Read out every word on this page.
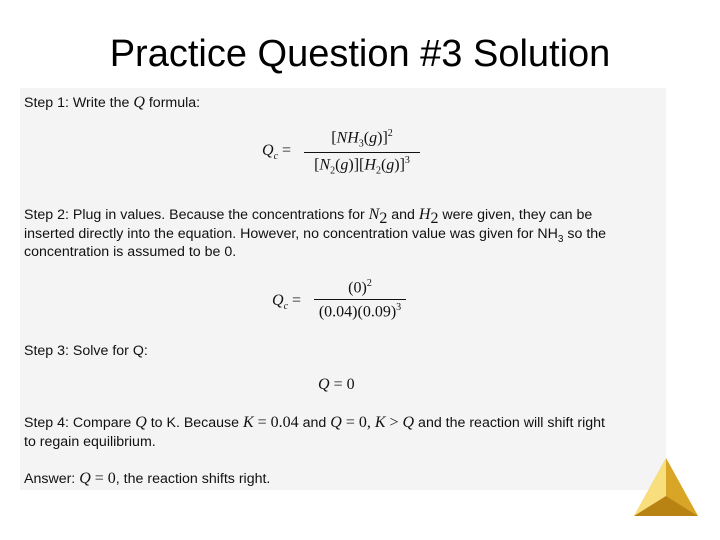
Practice Question #3 Solution
Step 1: Write the Q formula:
$Q_c$ =
$[NH_3(g)]^2$
$[N_2(g)][H_2(g)]^3$
Step 2: Plug in values. Because the concentrations for $N_2$ and $H_2$ were given, they can be
inserted directly into the equation. However, no concentration value was given for $NH_3$ so the
concentration is assumed to be 0.
$Q_c$ =
$(0)^2$
$(0.04)(0.09)^3$
Step 3: Solve for Q:
Q = 0
Step 4: Compare Q to K. Because K = 0.04 and Q = 0, K > Q and the reaction will shift right
to regain equilibrium.
Answer: Q = 0, the reaction shifts right.
